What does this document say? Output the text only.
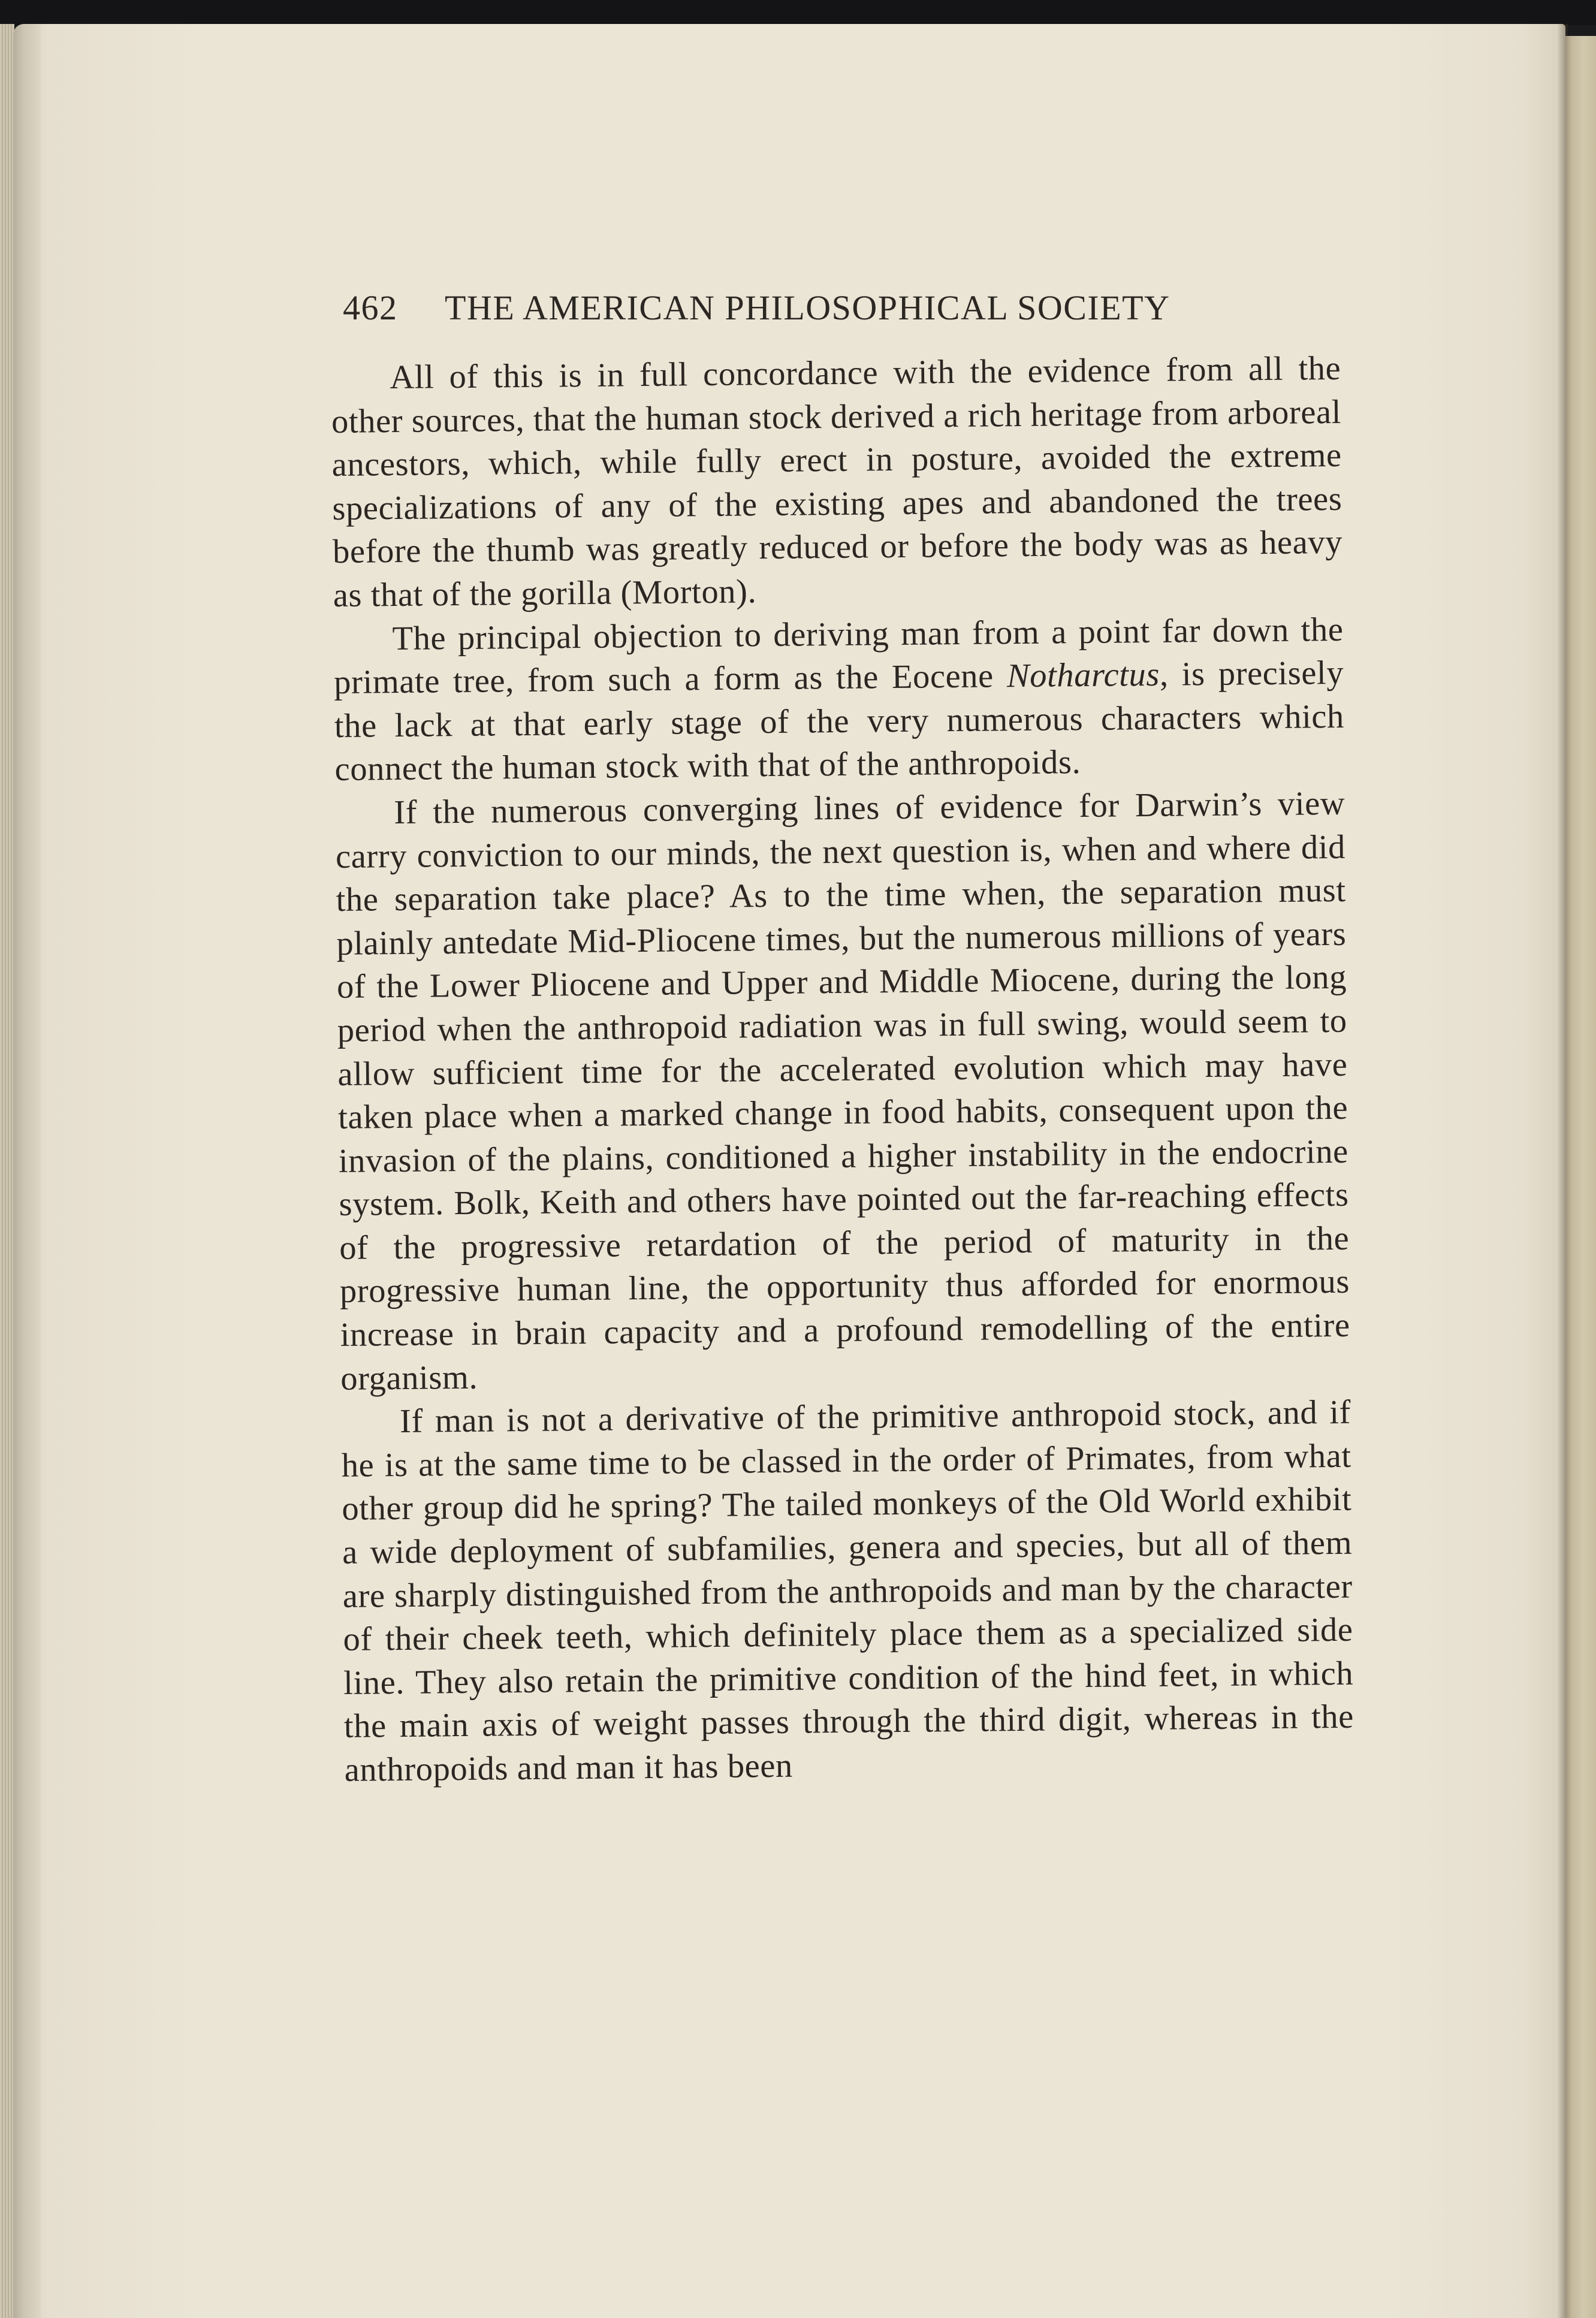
462 THE AMERICAN PHILOSOPHICAL SOCIETY

All of this is in full concordance with the evidence from all the other sources, that the human stock derived a rich heritage from arboreal ancestors, which, while fully erect in posture, avoided the extreme specializations of any of the existing apes and abandoned the trees before the thumb was greatly reduced or before the body was as heavy as that of the gorilla (Morton).

The principal objection to deriving man from a point far down the primate tree, from such a form as the Eocene Notharctus, is precisely the lack at that early stage of the very numerous characters which connect the human stock with that of the anthropoids.

If the numerous converging lines of evidence for Darwin’s view carry conviction to our minds, the next question is, when and where did the separation take place? As to the time when, the separation must plainly antedate Mid-Pliocene times, but the numerous millions of years of the Lower Pliocene and Upper and Middle Miocene, during the long period when the anthropoid radiation was in full swing, would seem to allow sufficient time for the accelerated evolution which may have taken place when a marked change in food habits, consequent upon the invasion of the plains, conditioned a higher instability in the endocrine system. Bolk, Keith and others have pointed out the far-reaching effects of the progressive retardation of the period of maturity in the progressive human line, the opportunity thus afforded for enormous increase in brain capacity and a profound remodelling of the entire organism.

If man is not a derivative of the primitive anthropoid stock, and if he is at the same time to be classed in the order of Primates, from what other group did he spring? The tailed monkeys of the Old World exhibit a wide deployment of subfamilies, genera and species, but all of them are sharply distinguished from the anthropoids and man by the character of their cheek teeth, which definitely place them as a specialized side line. They also retain the primitive condition of the hind feet, in which the main axis of weight passes through the third digit, whereas in the anthropoids and man it has been
